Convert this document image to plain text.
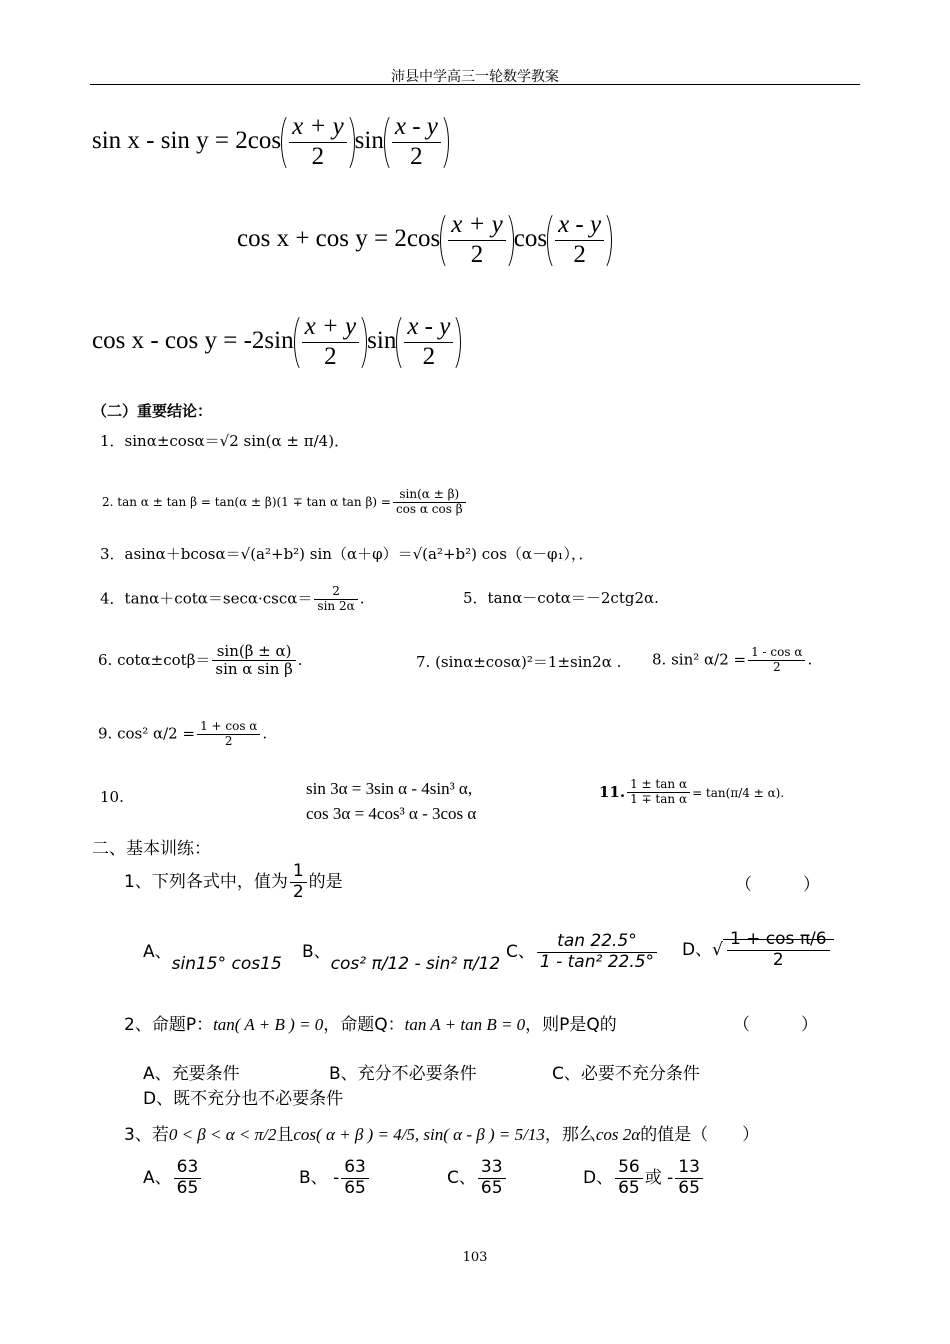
沛县中学高三一轮数学教案
$\sin x - \sin y = 2\cos \frac{x + y}{2}$ $\sin \frac{x - y}{2}$
$\cos x + \cos y = 2\cos \frac{x + y}{2}$ $\cos \frac{x - y}{2}$
$\cos x - \cos y = -2\sin \frac{x + y}{2}$ $\sin \frac{x - y}{2}$
（二）重要结论：
1．sinα±cosα＝√2 sin(α ± π/4)．
2. tan α ± tan β = tan(α ± β)(1 ∓ tan α $\tan \beta) = \frac{\sin(\alpha \pm \beta)}{\text{cos α cos β}}$
3．asinα＋bcosα＝√(a²+b²) sin（α＋φ）＝√(a²+b²) cos（α－φ₁），．
4．$\tan\alpha+\cot\alpha=\sec\alpha\cdot\csc\alpha= \frac{2}{\sin 2\alpha}$ .	5．tanα－cotα＝－2ctg2α.
6. $\cot\alpha\pm\cot\beta= \frac{\sin(\beta \pm \alpha)}{\text{sin α sin β}}$ .	7. (sinα±cosα)²＝1±sin2α . 8. sin² $\alpha/2 = \frac{\text{1 - cos α}}{2}$ .
9. cos² $\alpha/2 = \frac{\text{1 + cos α}}{2}$ .
10.	sin 3α = 3sin α - 4sin³ α,
cos 3α = 4cos³ α - 3cos α
11. $\frac{\text{1 ± tan α}}{\text{1 ∓ tan α}} = \tan(\pi/4 \pm \alpha)$.
二、基本训练：
1、下列各式中，值为 $\frac{1}{2}$ 的是	（　　　）
A、sin15° cos15
B、cos² π/12 - sin² π/12
C、 $\frac{\tan 22.5^\circ}{\text{1 - tan² 22.5°}}$ D、√ $\frac{\text{1 + cos π/6}}{2}$
2、命题P：tan( A + B ) = 0，命题Q：tan A + tan B = 0，则P是Q的	（　　　）
A、充要条件	B、充分不必要条件	C、必要不充分条件
D、既不充分也不必要条件
3、若0 < β < α < π/2且cos( α + β ) = 4/5, sin( α - β ) = 5/13，那么cos 2α的值是（　　）
A、 $\frac{63}{65}$	B、 - $\frac{63}{65}$	C、 $\frac{33}{65}$	D、 $\frac{56}{65}$ 或 - $\frac{13}{65}$
103
